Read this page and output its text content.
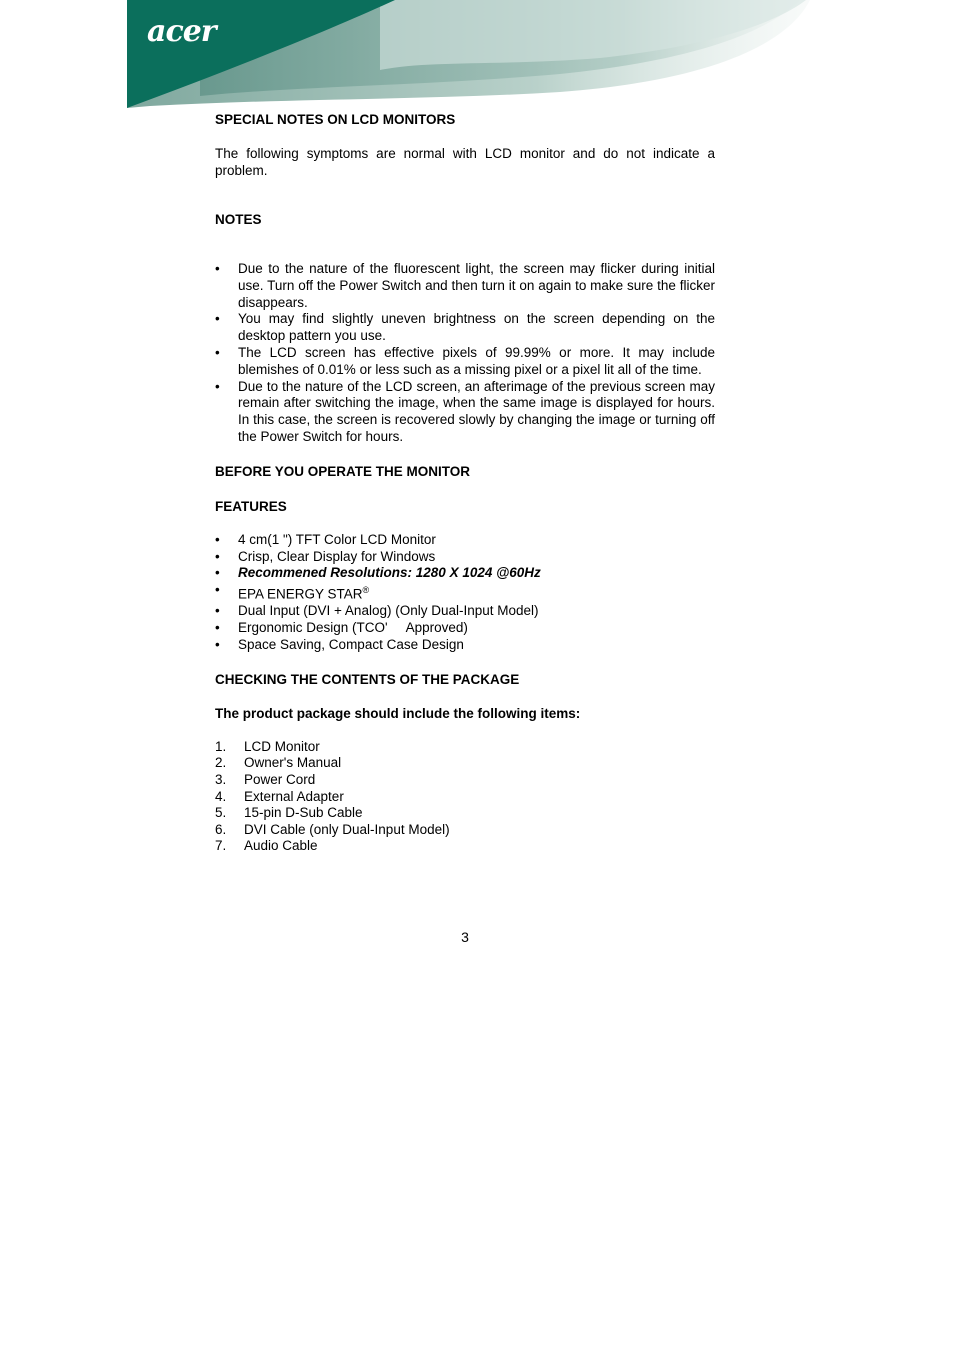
acer

SPECIAL NOTES ON LCD MONITORS

The following symptoms are normal with LCD monitor and do not indicate a problem.

NOTES

• Due to the nature of the fluorescent light, the screen may flicker during initial use. Turn off the Power Switch and then turn it on again to make sure the flicker disappears.
• You may find slightly uneven brightness on the screen depending on the desktop pattern you use.
• The LCD screen has effective pixels of 99.99% or more. It may include blemishes of 0.01% or less such as a missing pixel or a pixel lit all of the time.
• Due to the nature of the LCD screen, an afterimage of the previous screen may remain after switching the image, when the same image is displayed for hours. In this case, the screen is recovered slowly by changing the image or turning off the Power Switch for hours.

BEFORE YOU OPERATE THE MONITOR

FEATURES

• 4 cm(1 ") TFT Color LCD Monitor
• Crisp, Clear Display for Windows
• Recommened Resolutions: 1280 X 1024 @60Hz
• EPA ENERGY STAR®
• Dual Input (DVI + Analog) (Only Dual-Input Model)
• Ergonomic Design (TCO'     Approved)
• Space Saving, Compact Case Design

CHECKING THE CONTENTS OF THE PACKAGE

The product package should include the following items:

1. LCD Monitor
2. Owner's Manual
3. Power Cord
4. External Adapter
5. 15-pin D-Sub Cable
6. DVI Cable (only Dual-Input Model)
7. Audio Cable
3
